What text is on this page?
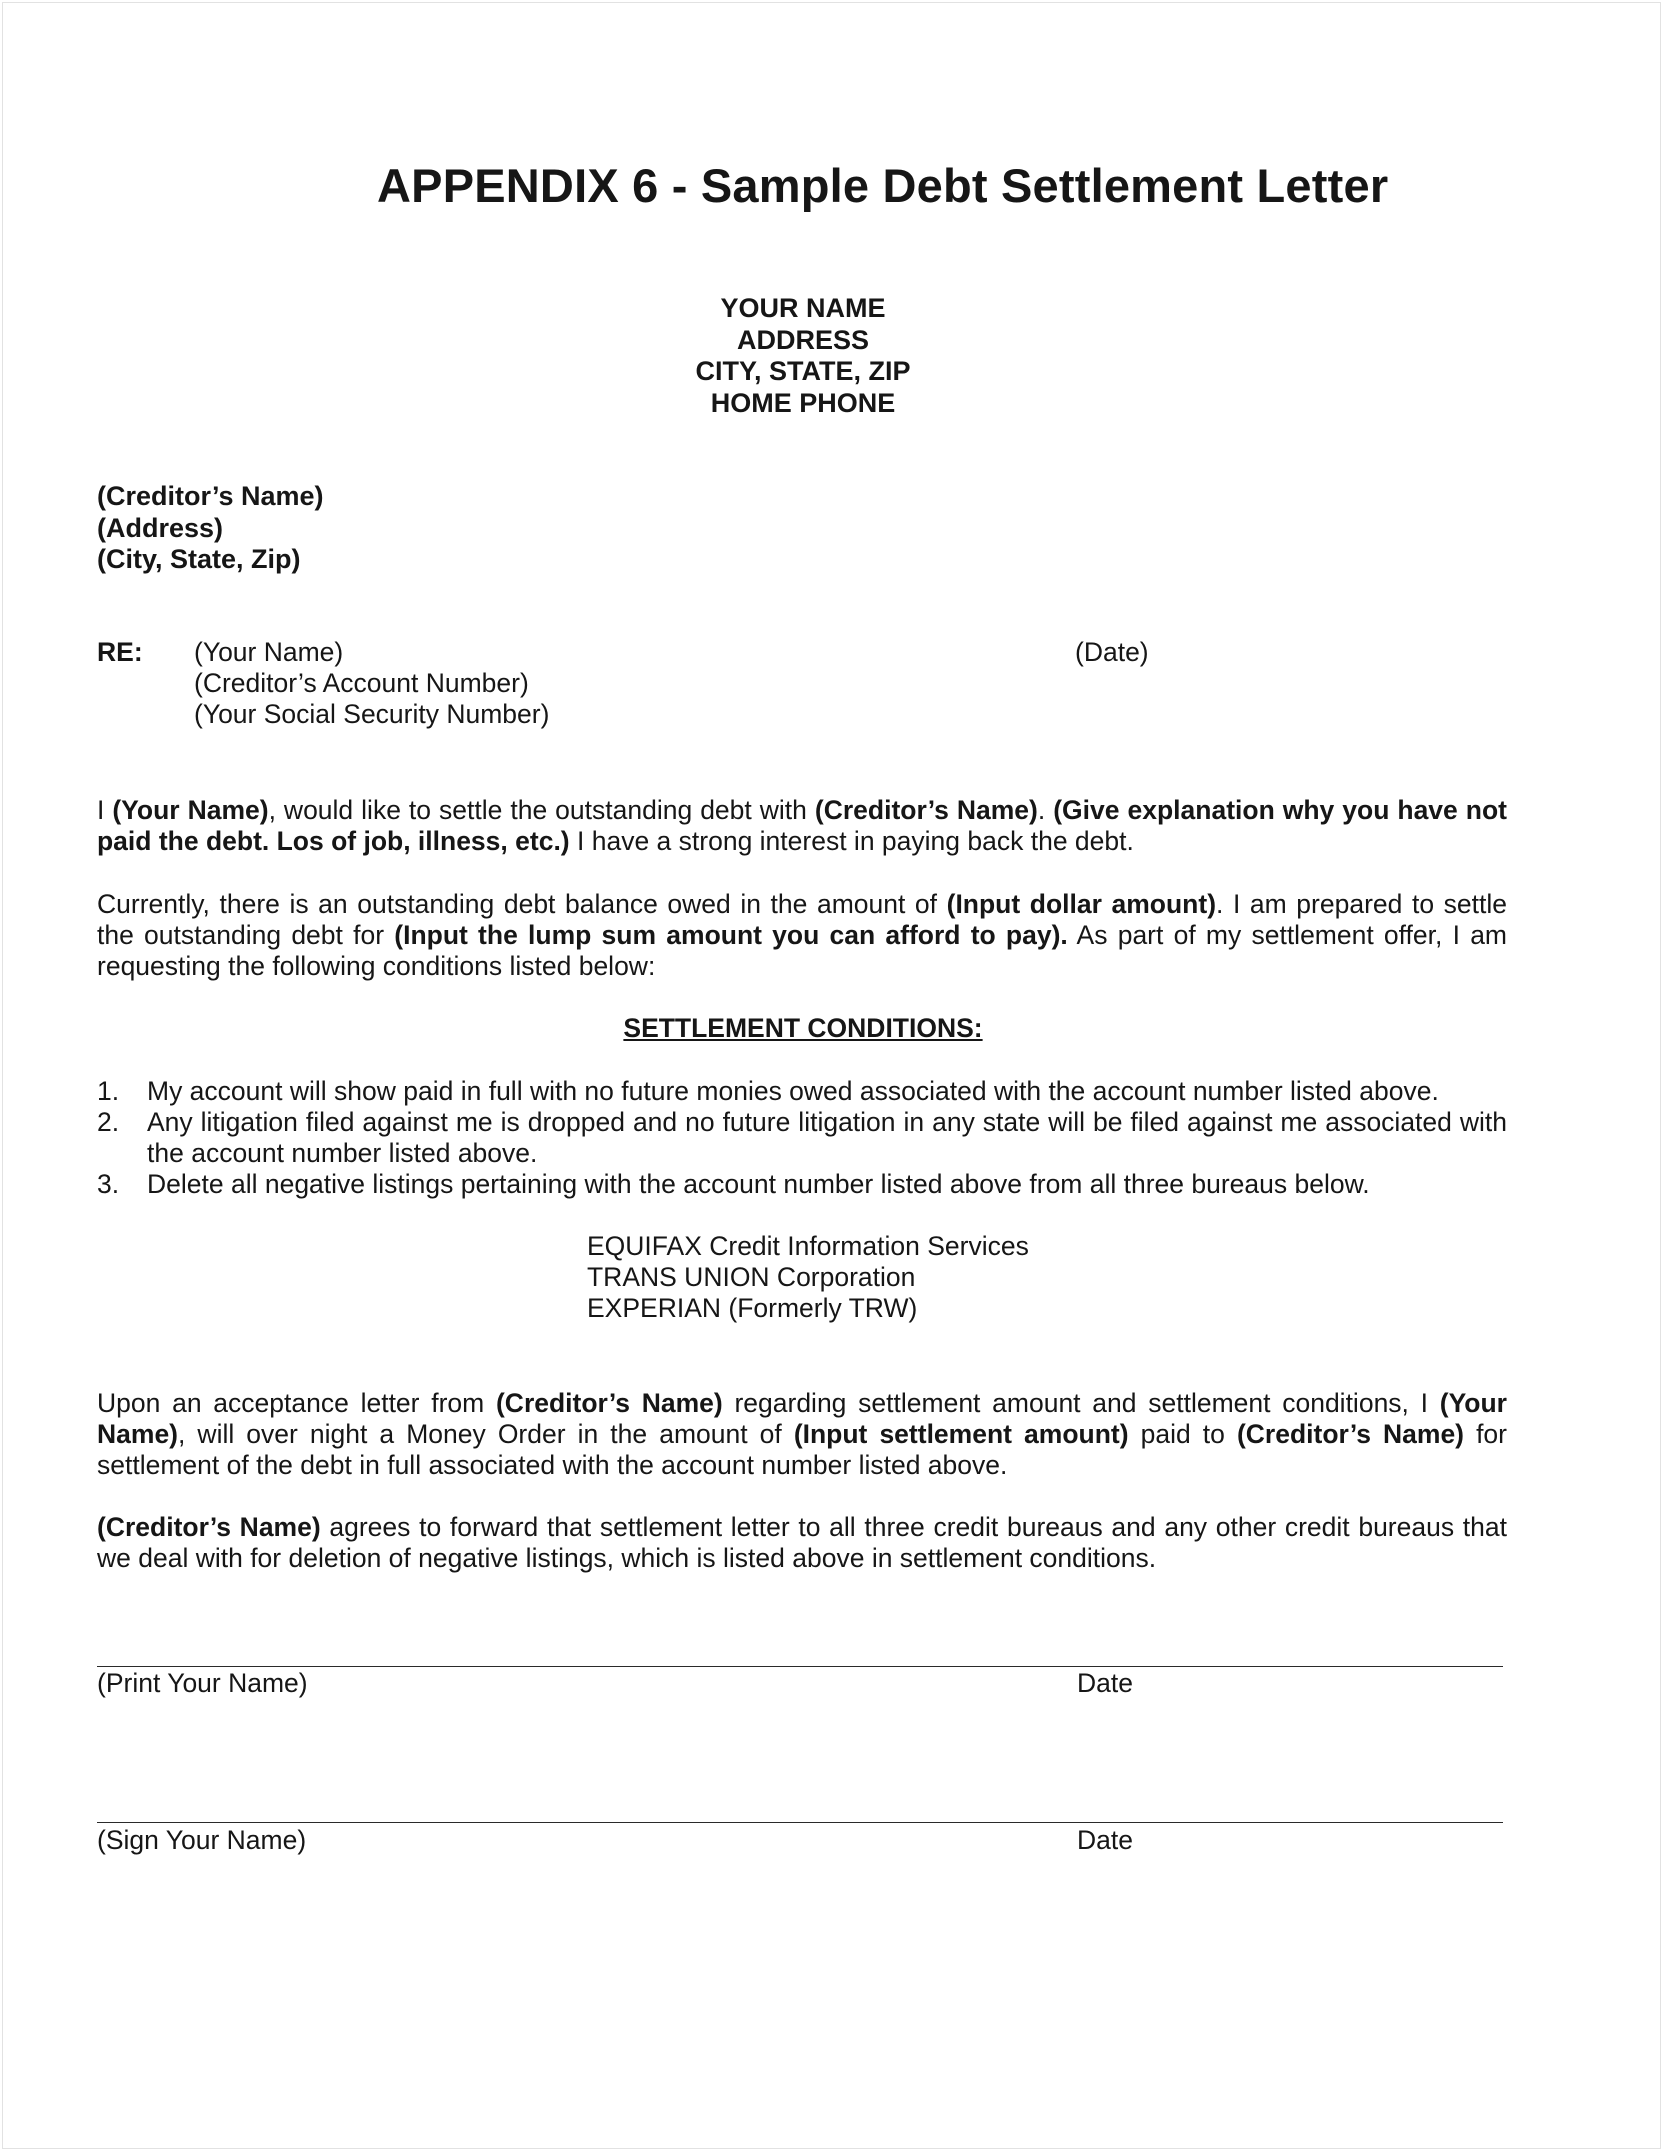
APPENDIX 6 - Sample Debt Settlement Letter
YOUR NAME
ADDRESS
CITY, STATE, ZIP
HOME PHONE
(Creditor’s Name)
(Address)
(City, State, Zip)
RE: (Your Name)
(Creditor’s Account Number)
(Your Social Security Number)
(Date)

I (Your Name), would like to settle the outstanding debt with (Creditor’s Name). (Give explanation why you have not paid the debt. Los of job, illness, etc.) I have a strong interest in paying back the debt.

Currently, there is an outstanding debt balance owed in the amount of (Input dollar amount). I am prepared to settle the outstanding debt for (Input the lump sum amount you can afford to pay). As part of my settlement offer, I am requesting the following conditions listed below:

SETTLEMENT CONDITIONS:
1. My account will show paid in full with no future monies owed associated with the account number listed above.
2. Any litigation filed against me is dropped and no future litigation in any state will be filed against me associated with the account number listed above.
3. Delete all negative listings pertaining with the account number listed above from all three bureaus below.
EQUIFAX Credit Information Services
TRANS UNION Corporation
EXPERIAN (Formerly TRW)

Upon an acceptance letter from (Creditor’s Name) regarding settlement amount and settlement conditions, I (Your Name), will over night a Money Order in the amount of (Input settlement amount) paid to (Creditor’s Name) for settlement of the debt in full associated with the account number listed above.

(Creditor’s Name) agrees to forward that settlement letter to all three credit bureaus and any other credit bureaus that we deal with for deletion of negative listings, which is listed above in settlement conditions.

(Print Your Name)	Date
(Sign Your Name)	Date
